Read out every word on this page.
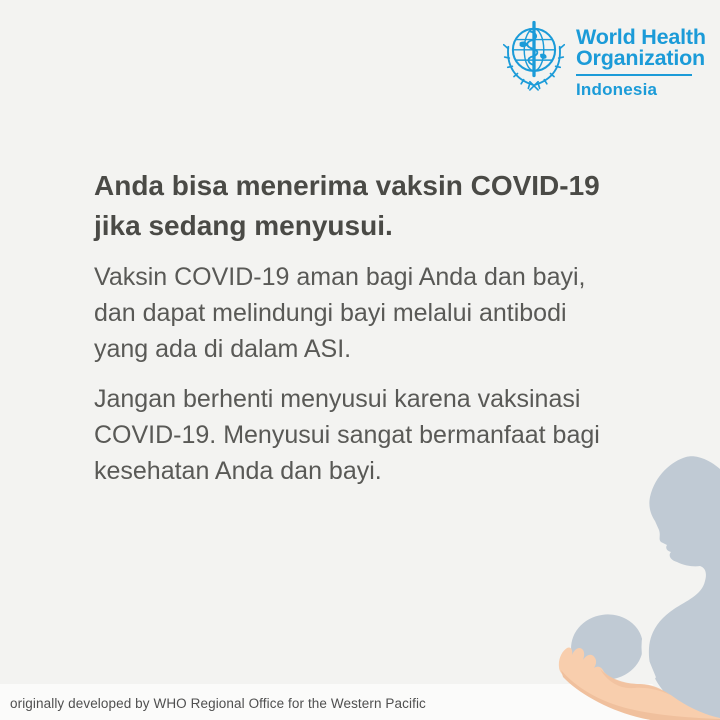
World Health
Organization
Indonesia
Anda bisa menerima vaksin COVID-19
jika sedang menyusui.

Vaksin COVID-19 aman bagi Anda dan bayi,
dan dapat melindungi bayi melalui antibodi
yang ada di dalam ASI.

Jangan berhenti menyusui karena vaksinasi
COVID-19. Menyusui sangat bermanfaat bagi
kesehatan Anda dan bayi.

originally developed by WHO Regional Office for the Western Pacific
